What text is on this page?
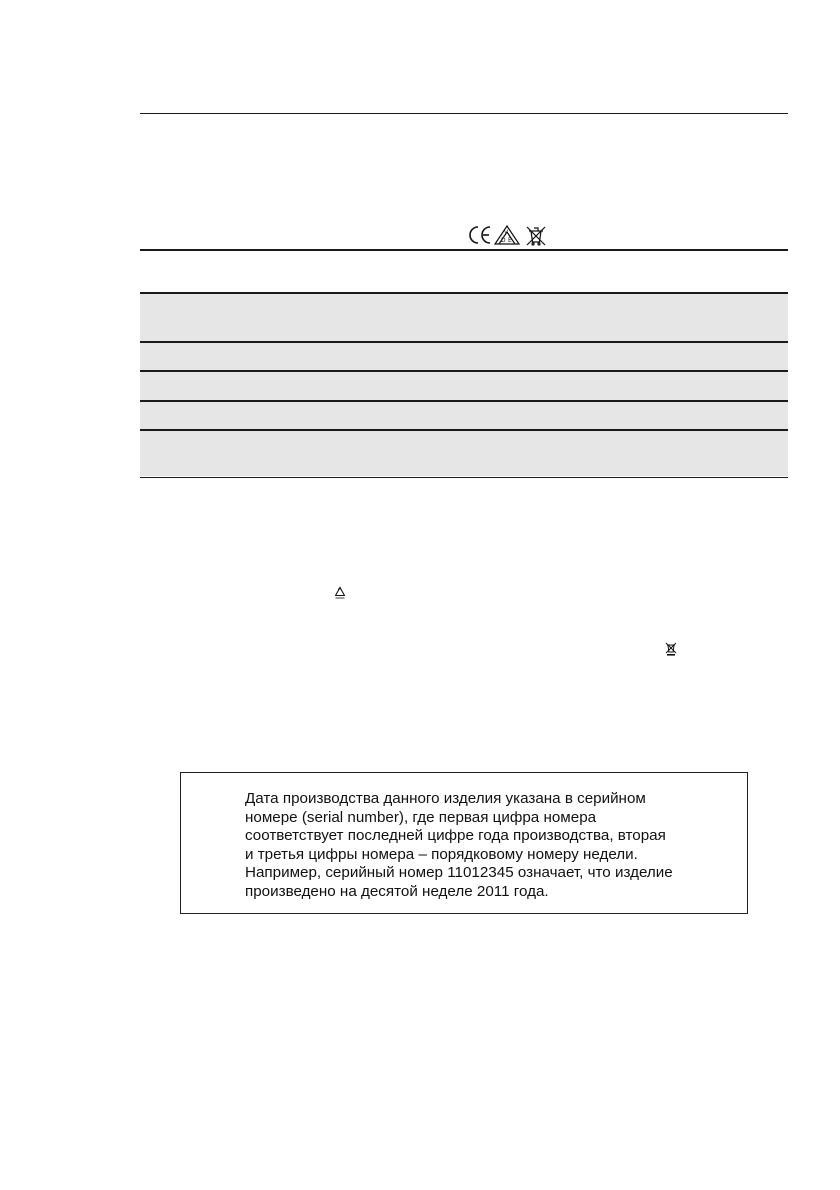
V
D E
Дата производства данного изделия указана в серийном
номере (serial number), где первая цифра номера
соответствует последней цифре года производства, вторая
и третья цифры номера – порядковому номеру недели.
Например, серийный номер 11012345 означает, что изделие
произведено на десятой неделе 2011 года.
